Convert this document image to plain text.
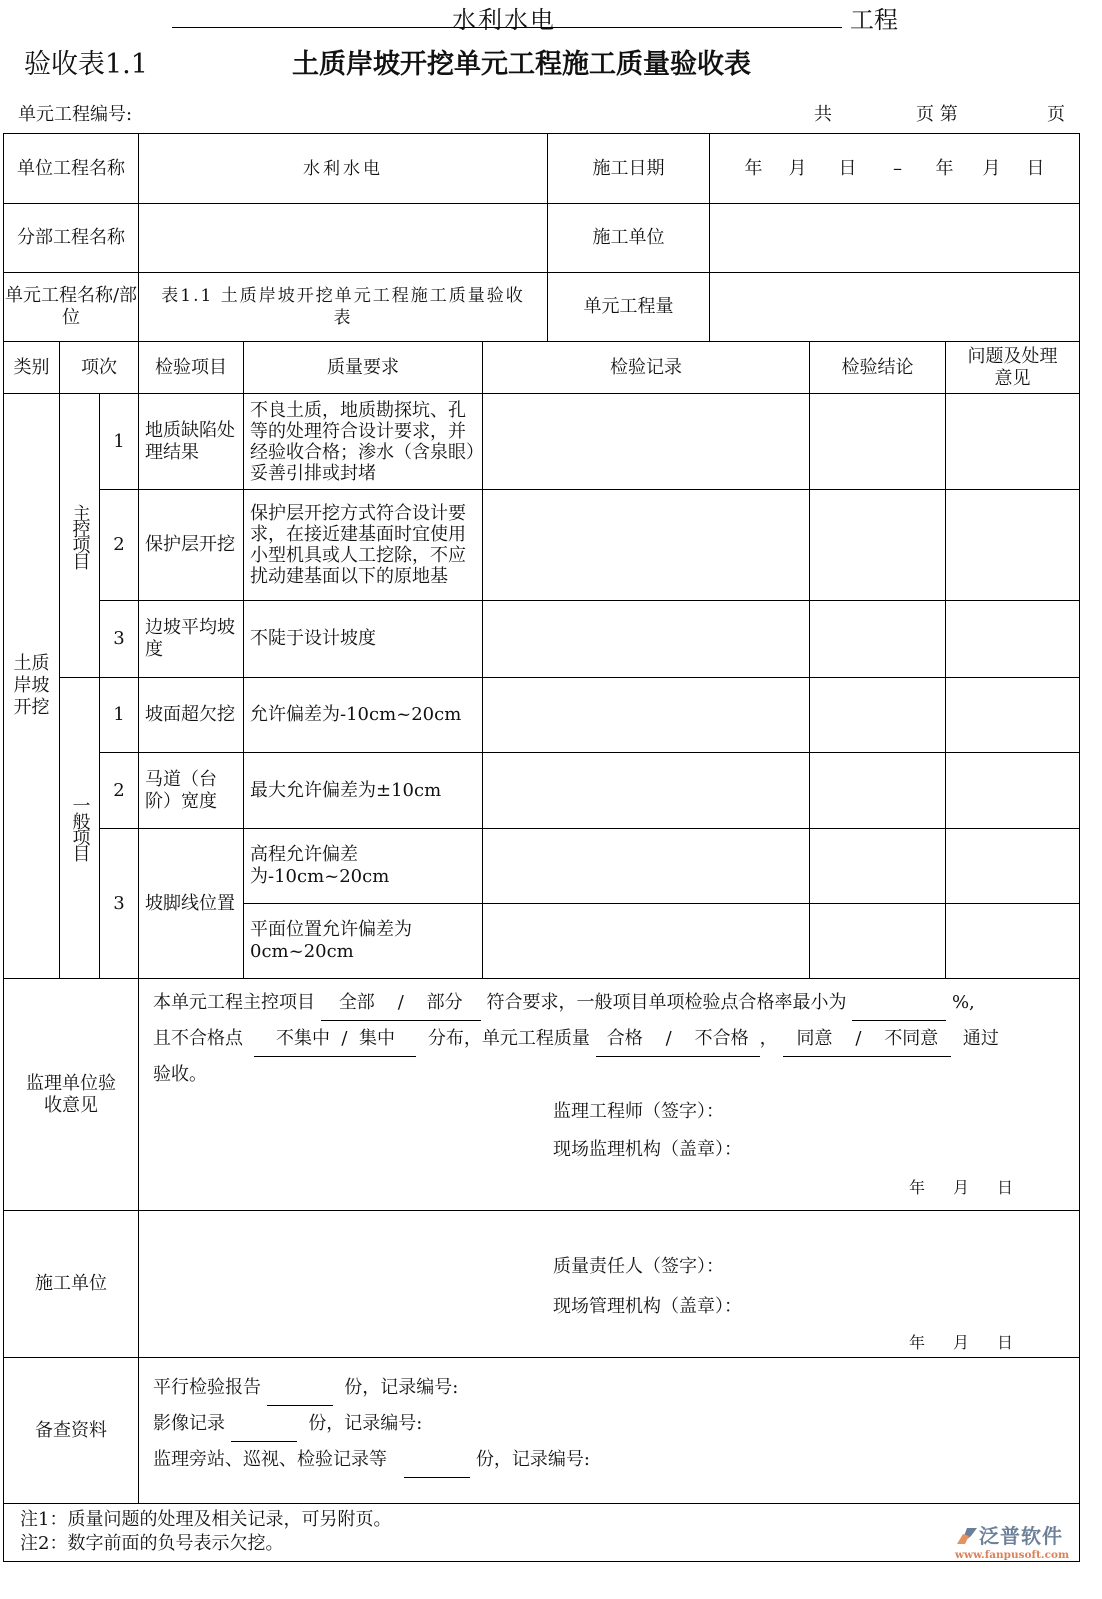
水利水电	工程
验收表1.1	土质岸坡开挖单元工程施工质量验收表
单元工程编号:	共	页 第	页
单位工程名称			水利水电			施工日期	年 月 日 – 年 月 日		
分部工程名称						施工单位			
单元工程名称/部位			表1.1 土质岸坡开挖单元工程施工质量验收表			单元工程量			
类别	项次		检验项目	质量要求	检验记录			检验结论	问题及处理意见
土质岸坡开挖	主控项目	1	地质缺陷处理结果	不良土质，地质勘探坑、孔等的处理符合设计要求，并经验收合格；渗水（含泉眼）妥善引排或封堵					
		2	保护层开挖	保护层开挖方式符合设计要求，在接近建基面时宜使用小型机具或人工挖除，不应扰动建基面以下的原地基					
		3	边坡平均坡度	不陡于设计坡度					

	一般项目	1	坡面超欠挖	允许偏差为-10cm~20cm					
		2	马道（台阶）宽度	最大允许偏差为±10cm					
		3	坡脚线位置	高程允许偏差为-10cm~20cm					
				平面位置允许偏差为0cm~20cm					
监理单位验收意见	
本单元工程主控项目 全部 / 部分 符合要求，一般项目单项检验点合格率最小为	%,
且不合格点 不集中 / 集中 分布，单元工程质量 合格 / 不合格 ， 同意 / 不同意 通过
验收。
监理工程师（签字）：
现场监理机构（盖章）：
年 月 日

施工单位			质量责任人（签字）：
现场管理机构（盖章）：
年 月 日						

备查资料			平行检验报告 份，记录编号:
影像记录 份，记录编号:
监理旁站、巡视、检验记录等 份，记录编号:						

注1：质量问题的处理及相关记录，可另附页。
注2：数字前面的负号表示欠挖。										泛普软件
www.fanpusoft.com
